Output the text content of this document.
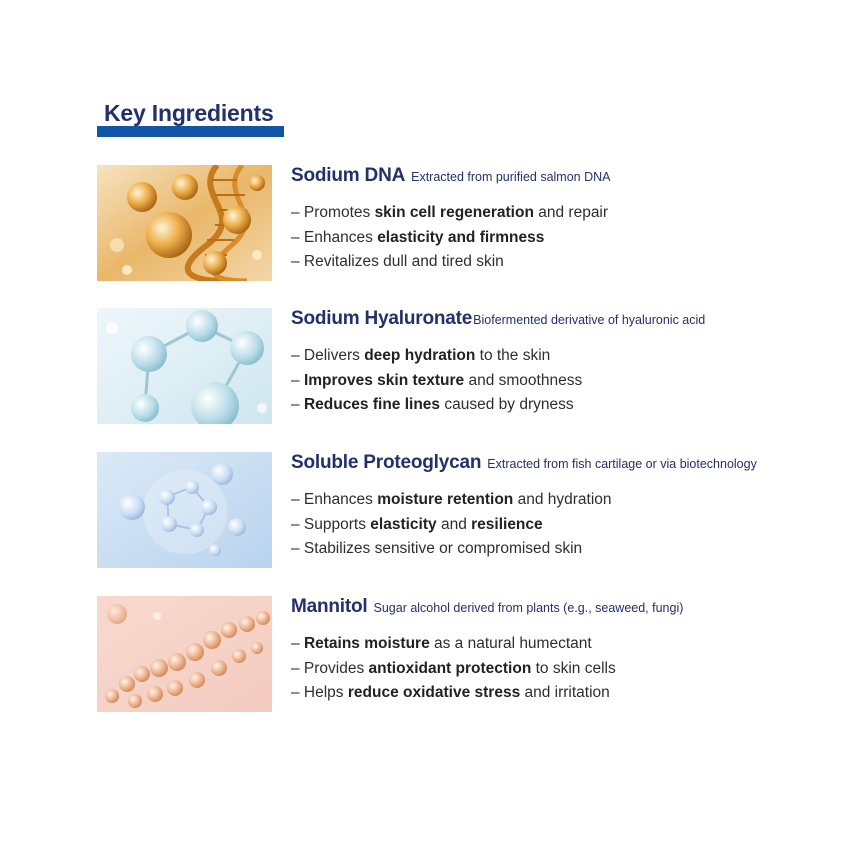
Key Ingredients
Sodium DNA Extracted from purified salmon DNA
– Promotes skin cell regeneration and repair
– Enhances elasticity and firmness
– Revitalizes dull and tired skin
Sodium HyaluronateBiofermented derivative of hyaluronic acid
– Delivers deep hydration to the skin
– Improves skin texture and smoothness
– Reduces fine lines caused by dryness
Soluble Proteoglycan Extracted from fish cartilage or via biotechnology
– Enhances moisture retention and hydration
– Supports elasticity and resilience
– Stabilizes sensitive or compromised skin
Mannitol Sugar alcohol derived from plants (e.g., seaweed, fungi)
– Retains moisture as a natural humectant
– Provides antioxidant protection to skin cells
– Helps reduce oxidative stress and irritation
